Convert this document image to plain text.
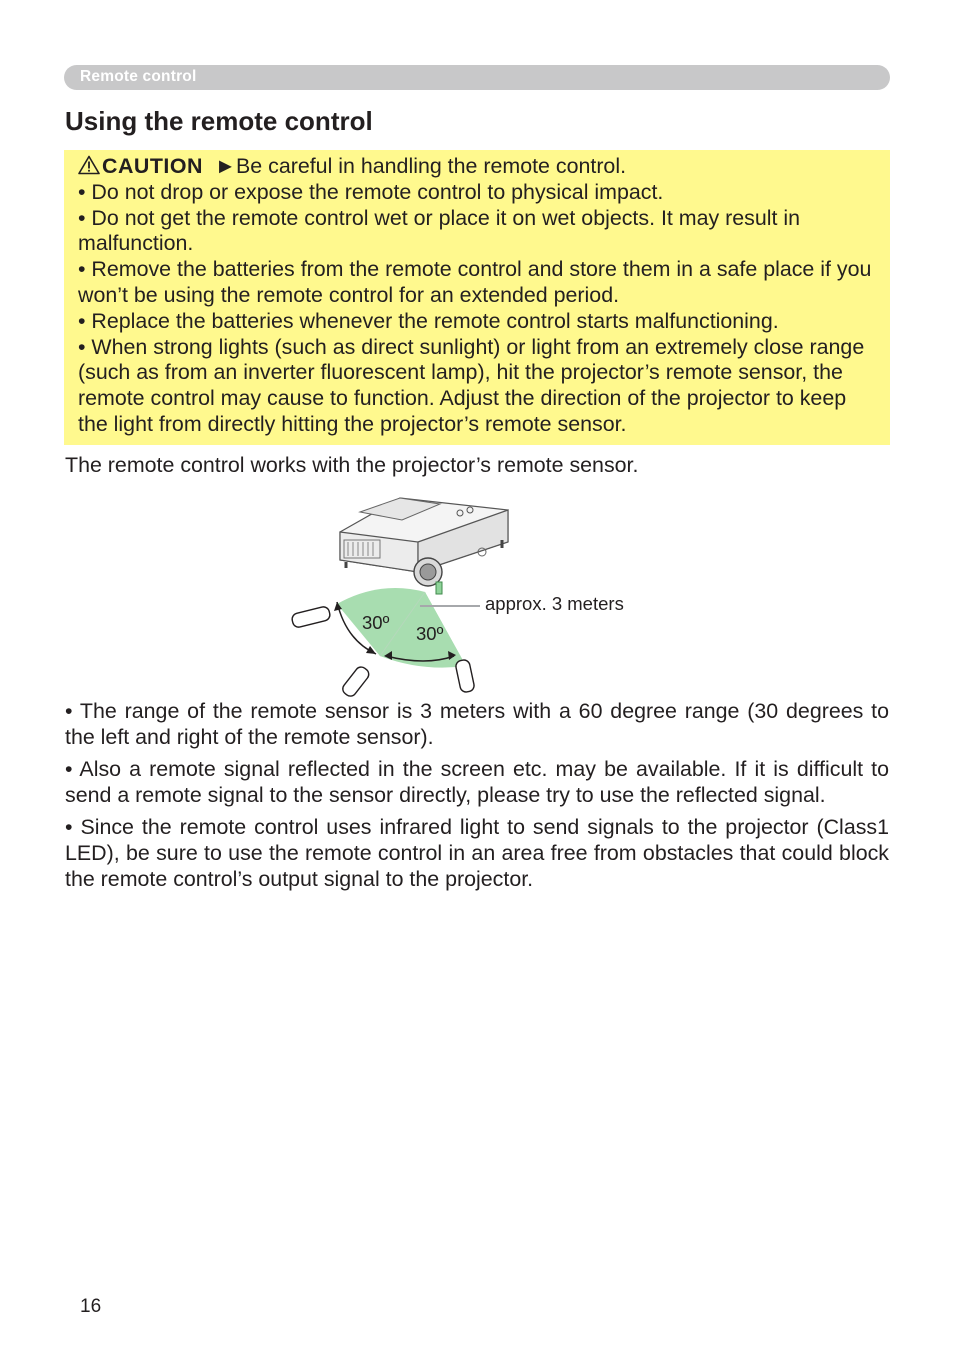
Remote control
Using the remote control

CAUTION ►Be careful in handling the remote control.

• Do not drop or expose the remote control to physical impact.

• Do not get the remote control wet or place it on wet objects. It may result in malfunction.

• Remove the batteries from the remote control and store them in a safe place if you won’t be using the remote control for an extended period.

• Replace the batteries whenever the remote control starts malfunctioning.

• When strong lights (such as direct sunlight) or light from an extremely close range (such as from an inverter fluorescent lamp), hit the projector’s remote sensor, the remote control may cause to function. Adjust the direction of the projector to keep the light from directly hitting the projector’s remote sensor.

The remote control works with the projector’s remote sensor.

approx. 3 meters
30º
30º

• The range of the remote sensor is 3 meters with a 60 degree range (30 degrees to the left and right of the remote sensor).

• Also a remote signal reflected in the screen etc. may be available. If it is difficult to send a remote signal to the sensor directly, please try to use the reflected signal.

• Since the remote control uses infrared light to send signals to the projector (Class1 LED), be sure to use the remote control in an area free from obstacles that could block the remote control’s output signal to the projector.

16
